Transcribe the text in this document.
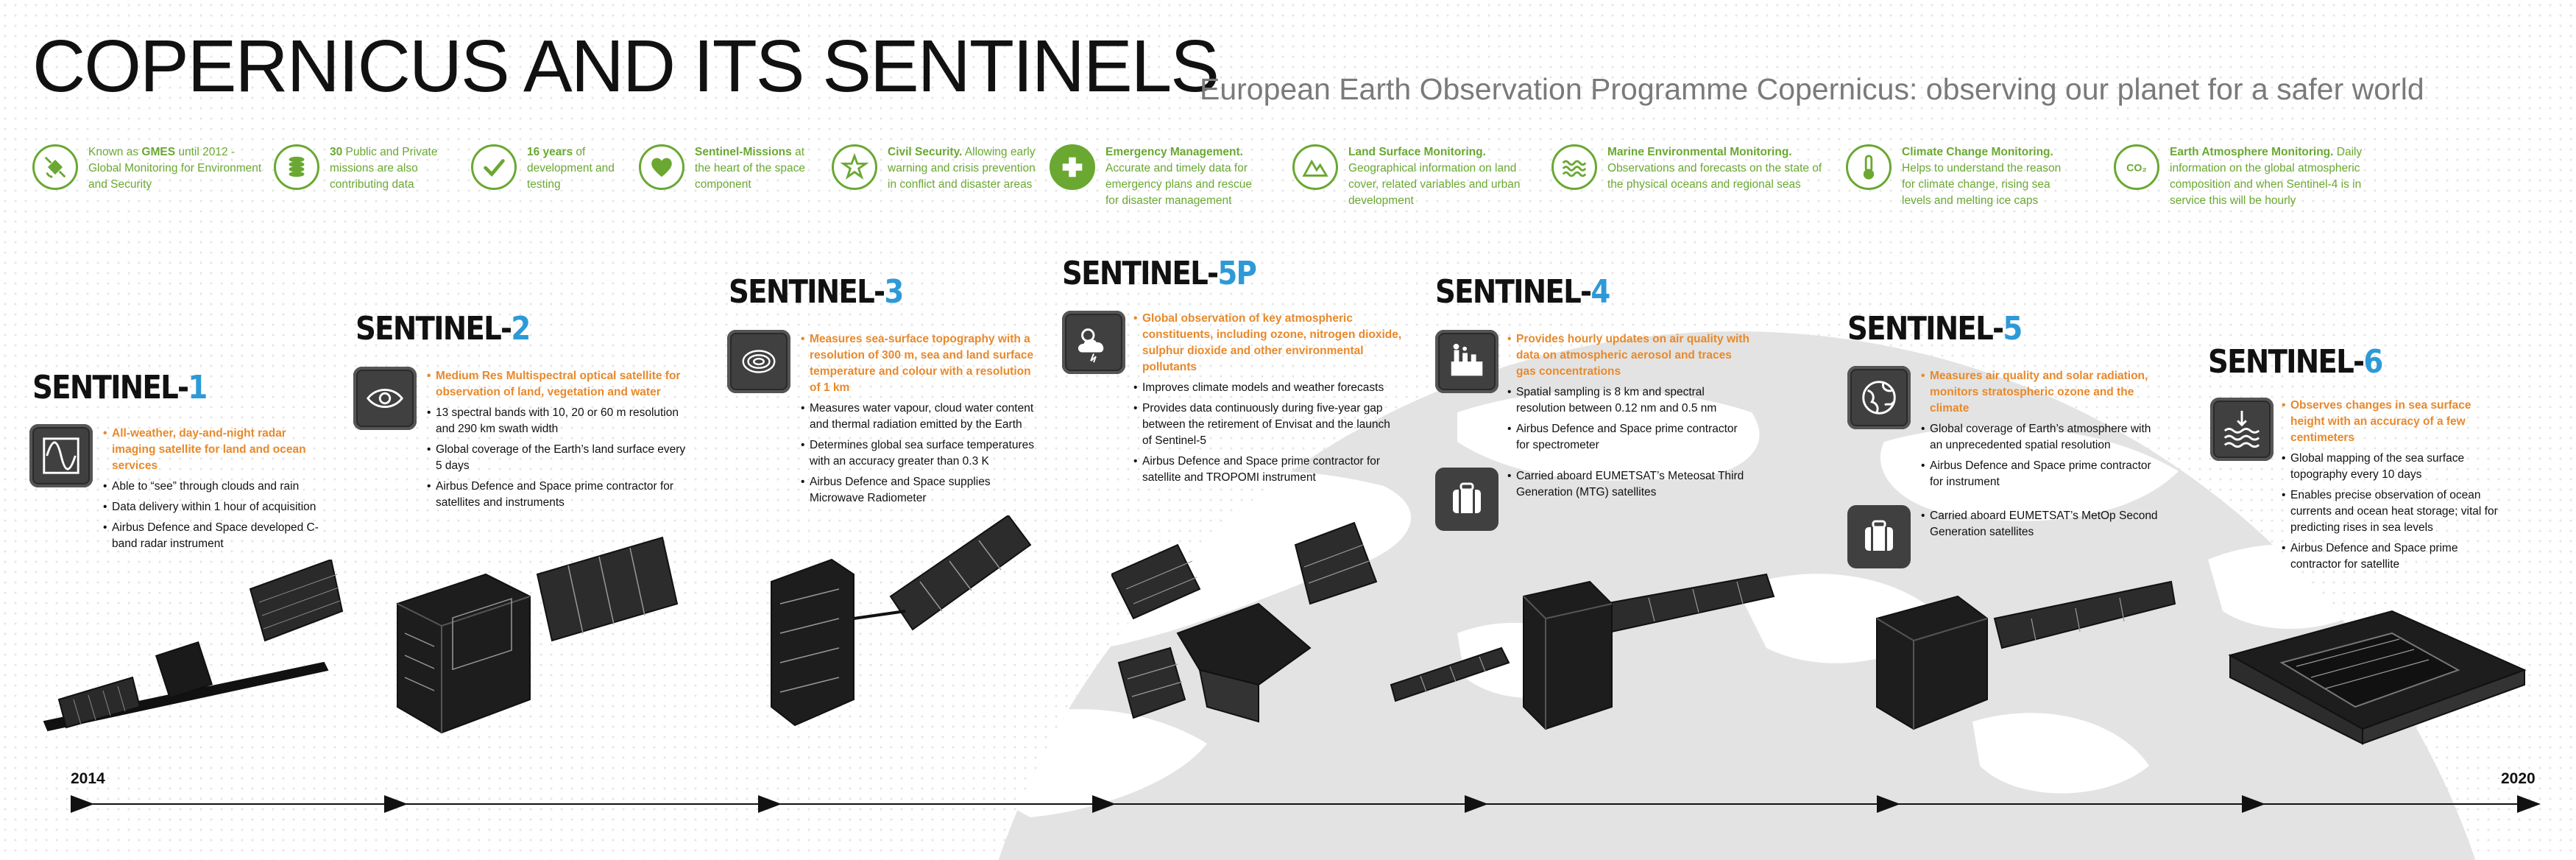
COPERNICUS AND ITS SENTINELS
European Earth Observation Programme Copernicus: observing our planet for a safer world
Known as GMES until 2012 - Global Monitoring for Environment and Security
30 Public and Private missions are also contributing data
16 years of development and testing
Sentinel-Missions at the heart of the space component
Civil Security. Allowing early warning and crisis prevention in conflict and disaster areas
Emergency Management. Accurate and timely data for emergency plans and rescue for disaster management
Land Surface Monitoring. Geographical information on land cover, related variables and urban development
Marine Environmental Monitoring. Observations and forecasts on the state of the physical oceans and regional seas
Climate Change Monitoring. Helps to understand the reason for climate change, rising sea levels and melting ice caps
CO₂
Earth Atmosphere Monitoring. Daily information on the global atmospheric composition and when Sentinel-4 is in service this will be hourly
SENTINEL-1
• All-weather, day-and-night radar imaging satellite for land and ocean services
• Able to “see” through clouds and rain
• Data delivery within 1 hour of acquisition
• Airbus Defence and Space developed C-band radar instrument
SENTINEL-2
• Medium Res Multispectral optical satellite for observation of land, vegetation and water
• 13 spectral bands with 10, 20 or 60 m resolution and 290 km swath width
• Global coverage of the Earth’s land surface every 5 days
• Airbus Defence and Space prime contractor for satellites and instruments
SENTINEL-3
• Measures sea-surface topography with a resolution of 300 m, sea and land surface temperature and colour with a resolution of 1 km
• Measures water vapour, cloud water content and thermal radiation emitted by the Earth
• Determines global sea surface temperatures with an accuracy greater than 0.3 K
• Airbus Defence and Space supplies Microwave Radiometer
SENTINEL-5P
• Global observation of key atmospheric constituents, including ozone, nitrogen dioxide, sulphur dioxide and other environmental pollutants
• Improves climate models and weather forecasts
• Provides data continuously during five-year gap between the retirement of Envisat and the launch of Sentinel-5
• Airbus Defence and Space prime contractor for satellite and TROPOMI instrument
SENTINEL-4
• Provides hourly updates on air quality with data on atmospheric aerosol and traces gas concentrations
• Spatial sampling is 8 km and spectral resolution between 0.12 nm and 0.5 nm
• Airbus Defence and Space prime contractor for spectrometer
• Carried aboard EUMETSAT’s Meteosat Third Generation (MTG) satellites
SENTINEL-5
• Measures air quality and solar radiation, monitors stratospheric ozone and the climate
• Global coverage of Earth’s atmosphere with an unprecedented spatial resolution
• Airbus Defence and Space prime contractor for instrument
• Carried aboard EUMETSAT’s MetOp Second Generation satellites
SENTINEL-6
• Observes changes in sea surface height with an accuracy of a few centimeters
• Global mapping of the sea surface topography every 10 days
• Enables precise observation of ocean currents and ocean heat storage; vital for predicting rises in sea levels
• Airbus Defence and Space prime contractor for satellite
2014	2020
